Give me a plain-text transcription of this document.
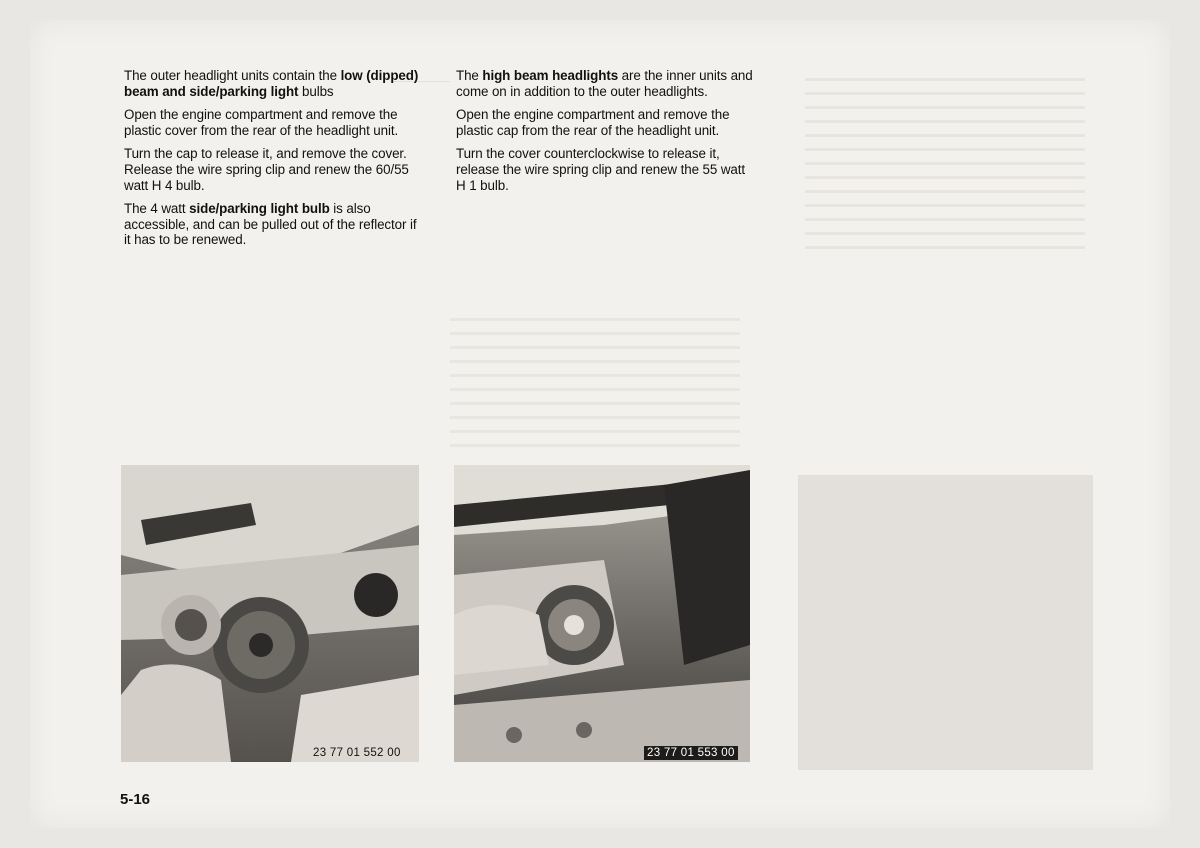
The outer headlight units contain the low (dipped) beam and side/parking light bulbs

Open the engine compartment and remove the plastic cover from the rear of the headlight unit.

Turn the cap to release it, and remove the cover. Release the wire spring clip and renew the 60/55 watt H 4 bulb.

The 4 watt side/parking light bulb is also accessible, and can be pulled out of the reflector if it has to be renewed.

The high beam headlights are the inner units and come on in addition to the outer headlights.

Open the engine compartment and remove the plastic cap from the rear of the headlight unit.

Turn the cover counterclockwise to release it, release the wire spring clip and renew the 55 watt H 1 bulb.

23 77 01 552 00	23 77 01 553 00
5-16
